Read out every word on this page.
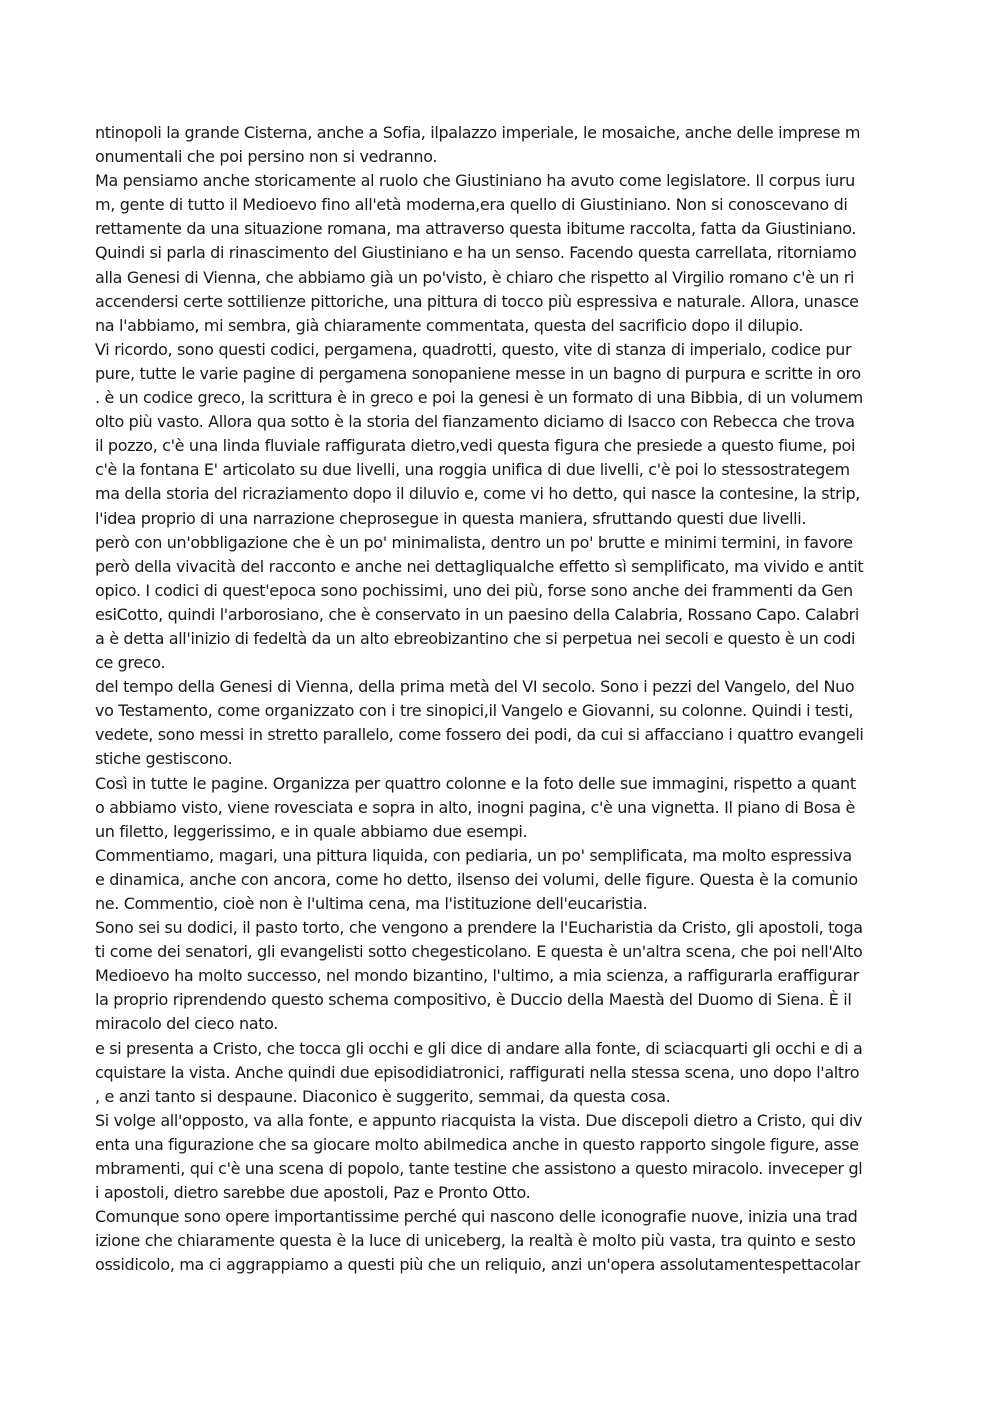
ntinopoli la grande Cisterna, anche a Sofia, ilpalazzo imperiale, le mosaiche, anche delle imprese m
onumentali che poi persino non si vedranno.
Ma pensiamo anche storicamente al ruolo che Giustiniano ha avuto come legislatore. Il corpus iuru
m, gente di tutto il Medioevo fino all'età moderna,era quello di Giustiniano. Non si conoscevano di
rettamente da una situazione romana, ma attraverso questa ibitume raccolta, fatta da Giustiniano.
Quindi si parla di rinascimento del Giustiniano e ha un senso. Facendo questa carrellata, ritorniamo
alla Genesi di Vienna, che abbiamo già un po'visto, è chiaro che rispetto al Virgilio romano c'è un ri
accendersi certe sottilienze pittoriche, una pittura di tocco più espressiva e naturale. Allora, unasce
na l'abbiamo, mi sembra, già chiaramente commentata, questa del sacrificio dopo il dilupio.
Vi ricordo, sono questi codici, pergamena, quadrotti, questo, vite di stanza di imperialo, codice pur
pure, tutte le varie pagine di pergamena sonopaniene messe in un bagno di purpura e scritte in oro
. è un codice greco, la scrittura è in greco e poi la genesi è un formato di una Bibbia, di un volumem
olto più vasto. Allora qua sotto è la storia del fianzamento diciamo di Isacco con Rebecca che trova
il pozzo, c'è una linda fluviale raffigurata dietro,vedi questa figura che presiede a questo fiume, poi
c'è la fontana E' articolato su due livelli, una roggia unifica di due livelli, c'è poi lo stessostrategem
ma della storia del ricraziamento dopo il diluvio e, come vi ho detto, qui nasce la contesine, la strip,
l'idea proprio di una narrazione cheprosegue in questa maniera, sfruttando questi due livelli.
però con un'obbligazione che è un po' minimalista, dentro un po' brutte e minimi termini, in favore
però della vivacità del racconto e anche nei dettagliqualche effetto sì semplificato, ma vivido e antit
opico. I codici di quest'epoca sono pochissimi, uno dei più, forse sono anche dei frammenti da Gen
esiCotto, quindi l'arborosiano, che è conservato in un paesino della Calabria, Rossano Capo. Calabri
a è detta all'inizio di fedeltà da un alto ebreobizantino che si perpetua nei secoli e questo è un codi
ce greco.
del tempo della Genesi di Vienna, della prima metà del VI secolo. Sono i pezzi del Vangelo, del Nuo
vo Testamento, come organizzato con i tre sinopici,il Vangelo e Giovanni, su colonne. Quindi i testi,
vedete, sono messi in stretto parallelo, come fossero dei podi, da cui si affacciano i quattro evangeli
stiche gestiscono.
Così in tutte le pagine. Organizza per quattro colonne e la foto delle sue immagini, rispetto a quant
o abbiamo visto, viene rovesciata e sopra in alto, inogni pagina, c'è una vignetta. Il piano di Bosa è
un filetto, leggerissimo, e in quale abbiamo due esempi.
Commentiamo, magari, una pittura liquida, con pediaria, un po' semplificata, ma molto espressiva
e dinamica, anche con ancora, come ho detto, ilsenso dei volumi, delle figure. Questa è la comunio
ne. Commentio, cioè non è l'ultima cena, ma l'istituzione dell'eucaristia.
Sono sei su dodici, il pasto torto, che vengono a prendere la l'Eucharistia da Cristo, gli apostoli, toga
ti come dei senatori, gli evangelisti sotto chegesticolano. E questa è un'altra scena, che poi nell'Alto
Medioevo ha molto successo, nel mondo bizantino, l'ultimo, a mia scienza, a raffigurarla eraffigurar
la proprio riprendendo questo schema compositivo, è Duccio della Maestà del Duomo di Siena. È il
miracolo del cieco nato.
e si presenta a Cristo, che tocca gli occhi e gli dice di andare alla fonte, di sciacquarti gli occhi e di a
cquistare la vista. Anche quindi due episodidiatronici, raffigurati nella stessa scena, uno dopo l'altro
, e anzi tanto si despaune. Diaconico è suggerito, semmai, da questa cosa.
Si volge all'opposto, va alla fonte, e appunto riacquista la vista. Due discepoli dietro a Cristo, qui div
enta una figurazione che sa giocare molto abilmedica anche in questo rapporto singole figure, asse
mbramenti, qui c'è una scena di popolo, tante testine che assistono a questo miracolo. inveceper gl
i apostoli, dietro sarebbe due apostoli, Paz e Pronto Otto.
Comunque sono opere importantissime perché qui nascono delle iconografie nuove, inizia una trad
izione che chiaramente questa è la luce di uniceberg, la realtà è molto più vasta, tra quinto e sesto
ossidicolo, ma ci aggrappiamo a questi più che un reliquio, anzi un'opera assolutamentespettacolar
